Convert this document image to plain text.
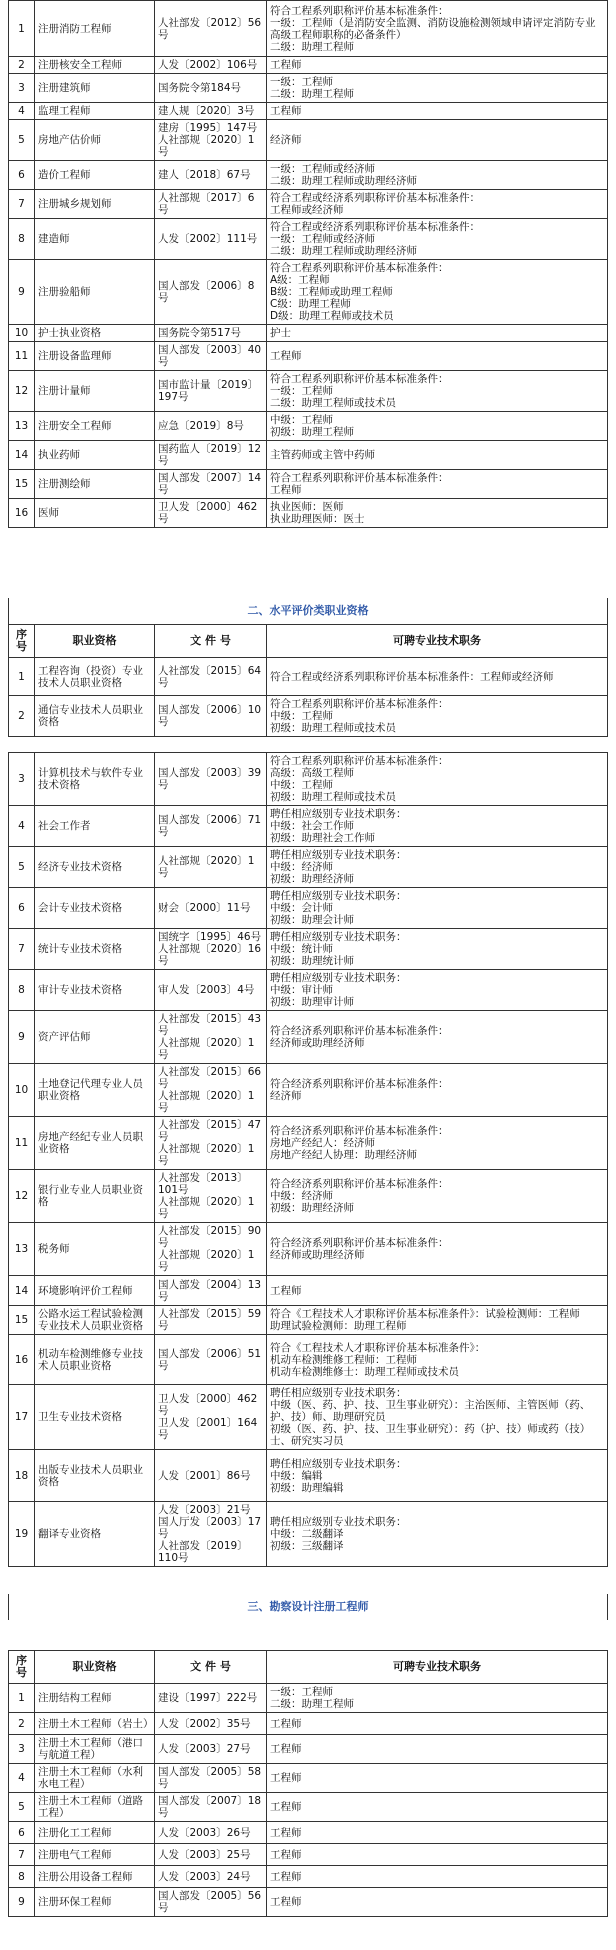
1	注册消防工程师	人社部发〔2012〕56号	符合工程系列职称评价基本标准条件：
一级：工程师（是消防安全监测、消防设施检测领域申请评定消防专业高级工程师职称的必备条件）
二级：助理工程师
2	注册核安全工程师	人发〔2002〕106号	工程师
3	注册建筑师	国务院令第184号	一级：工程师
二级：助理工程师
4	监理工程师	建人规〔2020〕3号	工程师
5	房地产估价师	建房〔1995〕147号
人社部规〔2020〕1号	经济师
6	造价工程师	建人〔2018〕67号	一级：工程师或经济师
二级：助理工程师或助理经济师
7	注册城乡规划师	人社部规〔2017〕6号	符合工程或经济系列职称评价基本标准条件：
工程师或经济师
8	建造师	人发〔2002〕111号	符合工程或经济系列职称评价基本标准条件：
一级：工程师或经济师
二级：助理工程师或助理经济师
9	注册验船师	国人部发〔2006〕8号	符合工程系列职称评价基本标准条件：
A级：工程师
B级：工程师或助理工程师
C级：助理工程师
D级：助理工程师或技术员
10	护士执业资格	国务院令第517号	护士
11	注册设备监理师	国人部发〔2003〕40号	工程师
12	注册计量师	国市监计量〔2019〕197号	符合工程系列职称评价基本标准条件：
一级：工程师
二级：助理工程师或技术员
13	注册安全工程师	应急〔2019〕8号	中级：工程师
初级：助理工程师
14	执业药师	国药监人〔2019〕12号	主管药师或主管中药师
15	注册测绘师	国人部发〔2007〕14号	符合工程系列职称评价基本标准条件：
工程师
16	医师	卫人发〔2000〕462号	执业医师：医师
执业助理医师：医士
二、水平评价类职业资格
序号	职业资格	文 件 号	可聘专业技术职务
1	工程咨询（投资）专业技术人员职业资格	人社部发〔2015〕64号	符合工程或经济系列职称评价基本标准条件：工程师或经济师
2	通信专业技术人员职业资格	国人部发〔2006〕10号	符合工程系列职称评价基本标准条件：
中级：工程师
初级：助理工程师或技术员
3	计算机技术与软件专业技术资格	国人部发〔2003〕39号	符合工程系列职称评价基本标准条件：
高级：高级工程师
中级：工程师
初级：助理工程师或技术员
4	社会工作者	国人部发〔2006〕71号	聘任相应级别专业技术职务：
中级：社会工作师
初级：助理社会工作师
5	经济专业技术资格	人社部规〔2020〕1号	聘任相应级别专业技术职务：
中级：经济师
初级：助理经济师
6	会计专业技术资格	财会〔2000〕11号	聘任相应级别专业技术职务：
中级：会计师
初级：助理会计师
7	统计专业技术资格	国统字〔1995〕46号
人社部规〔2020〕16号	聘任相应级别专业技术职务：
中级：统计师
初级：助理统计师
8	审计专业技术资格	审人发〔2003〕4号	聘任相应级别专业技术职务：
中级：审计师
初级：助理审计师
9	资产评估师	人社部发〔2015〕43号
人社部规〔2020〕1号	符合经济系列职称评价基本标准条件：
经济师或助理经济师
10	土地登记代理专业人员职业资格	人社部发〔2015〕66号
人社部规〔2020〕1号	符合经济系列职称评价基本标准条件：
经济师
11	房地产经纪专业人员职业资格	人社部发〔2015〕47号
人社部规〔2020〕1号	符合经济系列职称评价基本标准条件：
房地产经纪人：经济师
房地产经纪人协理：助理经济师
12	银行业专业人员职业资格	人社部发〔2013〕101号
人社部规〔2020〕1号	符合经济系列职称评价基本标准条件：
中级：经济师
初级：助理经济师
13	税务师	人社部发〔2015〕90号
人社部规〔2020〕1号	符合经济系列职称评价基本标准条件：
经济师或助理经济师
14	环境影响评价工程师	国人部发〔2004〕13号	工程师
15	公路水运工程试验检测专业技术人员职业资格	人社部发〔2015〕59号	符合《工程技术人才职称评价基本标准条件》：试验检测师：工程师
助理试验检测师：助理工程师
16	机动车检测维修专业技术人员职业资格	国人部发〔2006〕51号	符合《工程技术人才职称评价基本标准条件》：
机动车检测维修工程师：工程师
机动车检测维修士：助理工程师或技术员
17	卫生专业技术资格	卫人发〔2000〕462号
卫人发〔2001〕164号	聘任相应级别专业技术职务：
中级（医、药、护、技、卫生事业研究）：主治医师、主管医师（药、护、技）师、助理研究员
初级（医、药、护、技、卫生事业研究）：药（护、技）师或药（技）士、研究实习员
18	出版专业技术人员职业资格	人发〔2001〕86号	聘任相应级别专业技术职务：
中级：编辑
初级：助理编辑
19	翻译专业资格	人发〔2003〕21号
国人厅发〔2003〕17号
人社部发〔2019〕110号	聘任相应级别专业技术职务：
中级：二级翻译
初级：三级翻译
三、勘察设计注册工程师
序号	职业资格	文 件 号	可聘专业技术职务
1	注册结构工程师	建设〔1997〕222号	一级：工程师
二级：助理工程师
2	注册土木工程师（岩土）	人发〔2002〕35号	工程师
3	注册土木工程师（港口与航道工程）	人发〔2003〕27号	工程师
4	注册土木工程师（水利水电工程）	国人部发〔2005〕58号	工程师
5	注册土木工程师（道路工程）	国人部发〔2007〕18号	工程师
6	注册化工工程师	人发〔2003〕26号	工程师
7	注册电气工程师	人发〔2003〕25号	工程师
8	注册公用设备工程师	人发〔2003〕24号	工程师
9	注册环保工程师	国人部发〔2005〕56号	工程师
